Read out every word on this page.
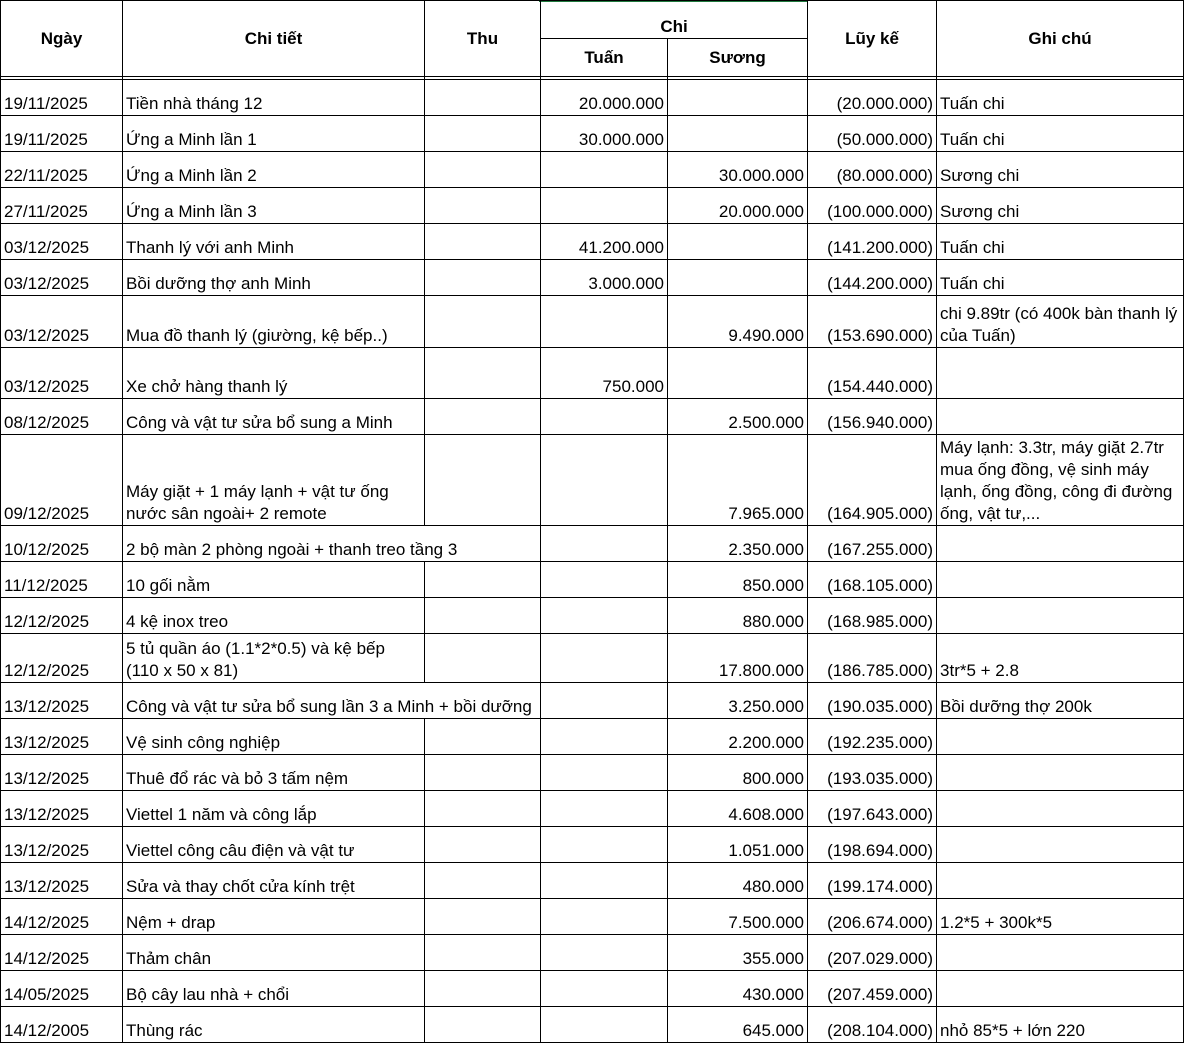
Ngày	Chi tiết	Thu	Chi		Lũy kế	Ghi chú
			Tuấn	Sương		

19/11/2025	Tiền nhà tháng 12		20.000.000		(20.000.000)	Tuấn chi
19/11/2025	Ứng a Minh lần 1		30.000.000		(50.000.000)	Tuấn chi
22/11/2025	Ứng a Minh lần 2			30.000.000	(80.000.000)	Sương chi
27/11/2025	Ứng a Minh lần 3			20.000.000	(100.000.000)	Sương chi
03/12/2025	Thanh lý với anh Minh		41.200.000		(141.200.000)	Tuấn chi
03/12/2025	Bồi dưỡng thợ anh Minh		3.000.000		(144.200.000)	Tuấn chi
03/12/2025	Mua đồ thanh lý (giường, kệ bếp..)			9.490.000	(153.690.000)	chi 9.89tr (có 400k bàn thanh lý của Tuấn)
03/12/2025	Xe chở hàng thanh lý		750.000		(154.440.000)	
08/12/2025	Công và vật tư sửa bổ sung a Minh			2.500.000	(156.940.000)	
09/12/2025	Máy giặt + 1 máy lạnh + vật tư ống nước sân ngoài+ 2 remote			7.965.000	(164.905.000)	Máy lạnh: 3.3tr, máy giặt 2.7tr mua ống đồng, vệ sinh máy lạnh, ống đồng, công đi đường ống, vật tư,...
10/12/2025	2 bộ màn 2 phòng ngoài + thanh treo tầng 3			2.350.000	(167.255.000)	
11/12/2025	10 gối nằm			850.000	(168.105.000)	
12/12/2025	4 kệ inox treo			880.000	(168.985.000)	
12/12/2025	5 tủ quần áo (1.1*2*0.5) và kệ bếp (110 x 50 x 81)			17.800.000	(186.785.000)	3tr*5 + 2.8
13/12/2025	Công và vật tư sửa bổ sung lần 3 a Minh + bồi dưỡng			3.250.000	(190.035.000)	Bồi dưỡng thợ 200k
13/12/2025	Vệ sinh công nghiệp			2.200.000	(192.235.000)	
13/12/2025	Thuê đổ rác và bỏ 3 tấm nệm			800.000	(193.035.000)	
13/12/2025	Viettel 1 năm và công lắp			4.608.000	(197.643.000)	
13/12/2025	Viettel công câu điện và vật tư			1.051.000	(198.694.000)	
13/12/2025	Sửa và thay chốt cửa kính trệt			480.000	(199.174.000)	
14/12/2025	Nệm + drap			7.500.000	(206.674.000)	1.2*5 + 300k*5
14/12/2025	Thảm chân			355.000	(207.029.000)	
14/05/2025	Bộ cây lau nhà + chổi			430.000	(207.459.000)	
14/12/2005	Thùng rác			645.000	(208.104.000)	nhỏ 85*5 + lớn 220
